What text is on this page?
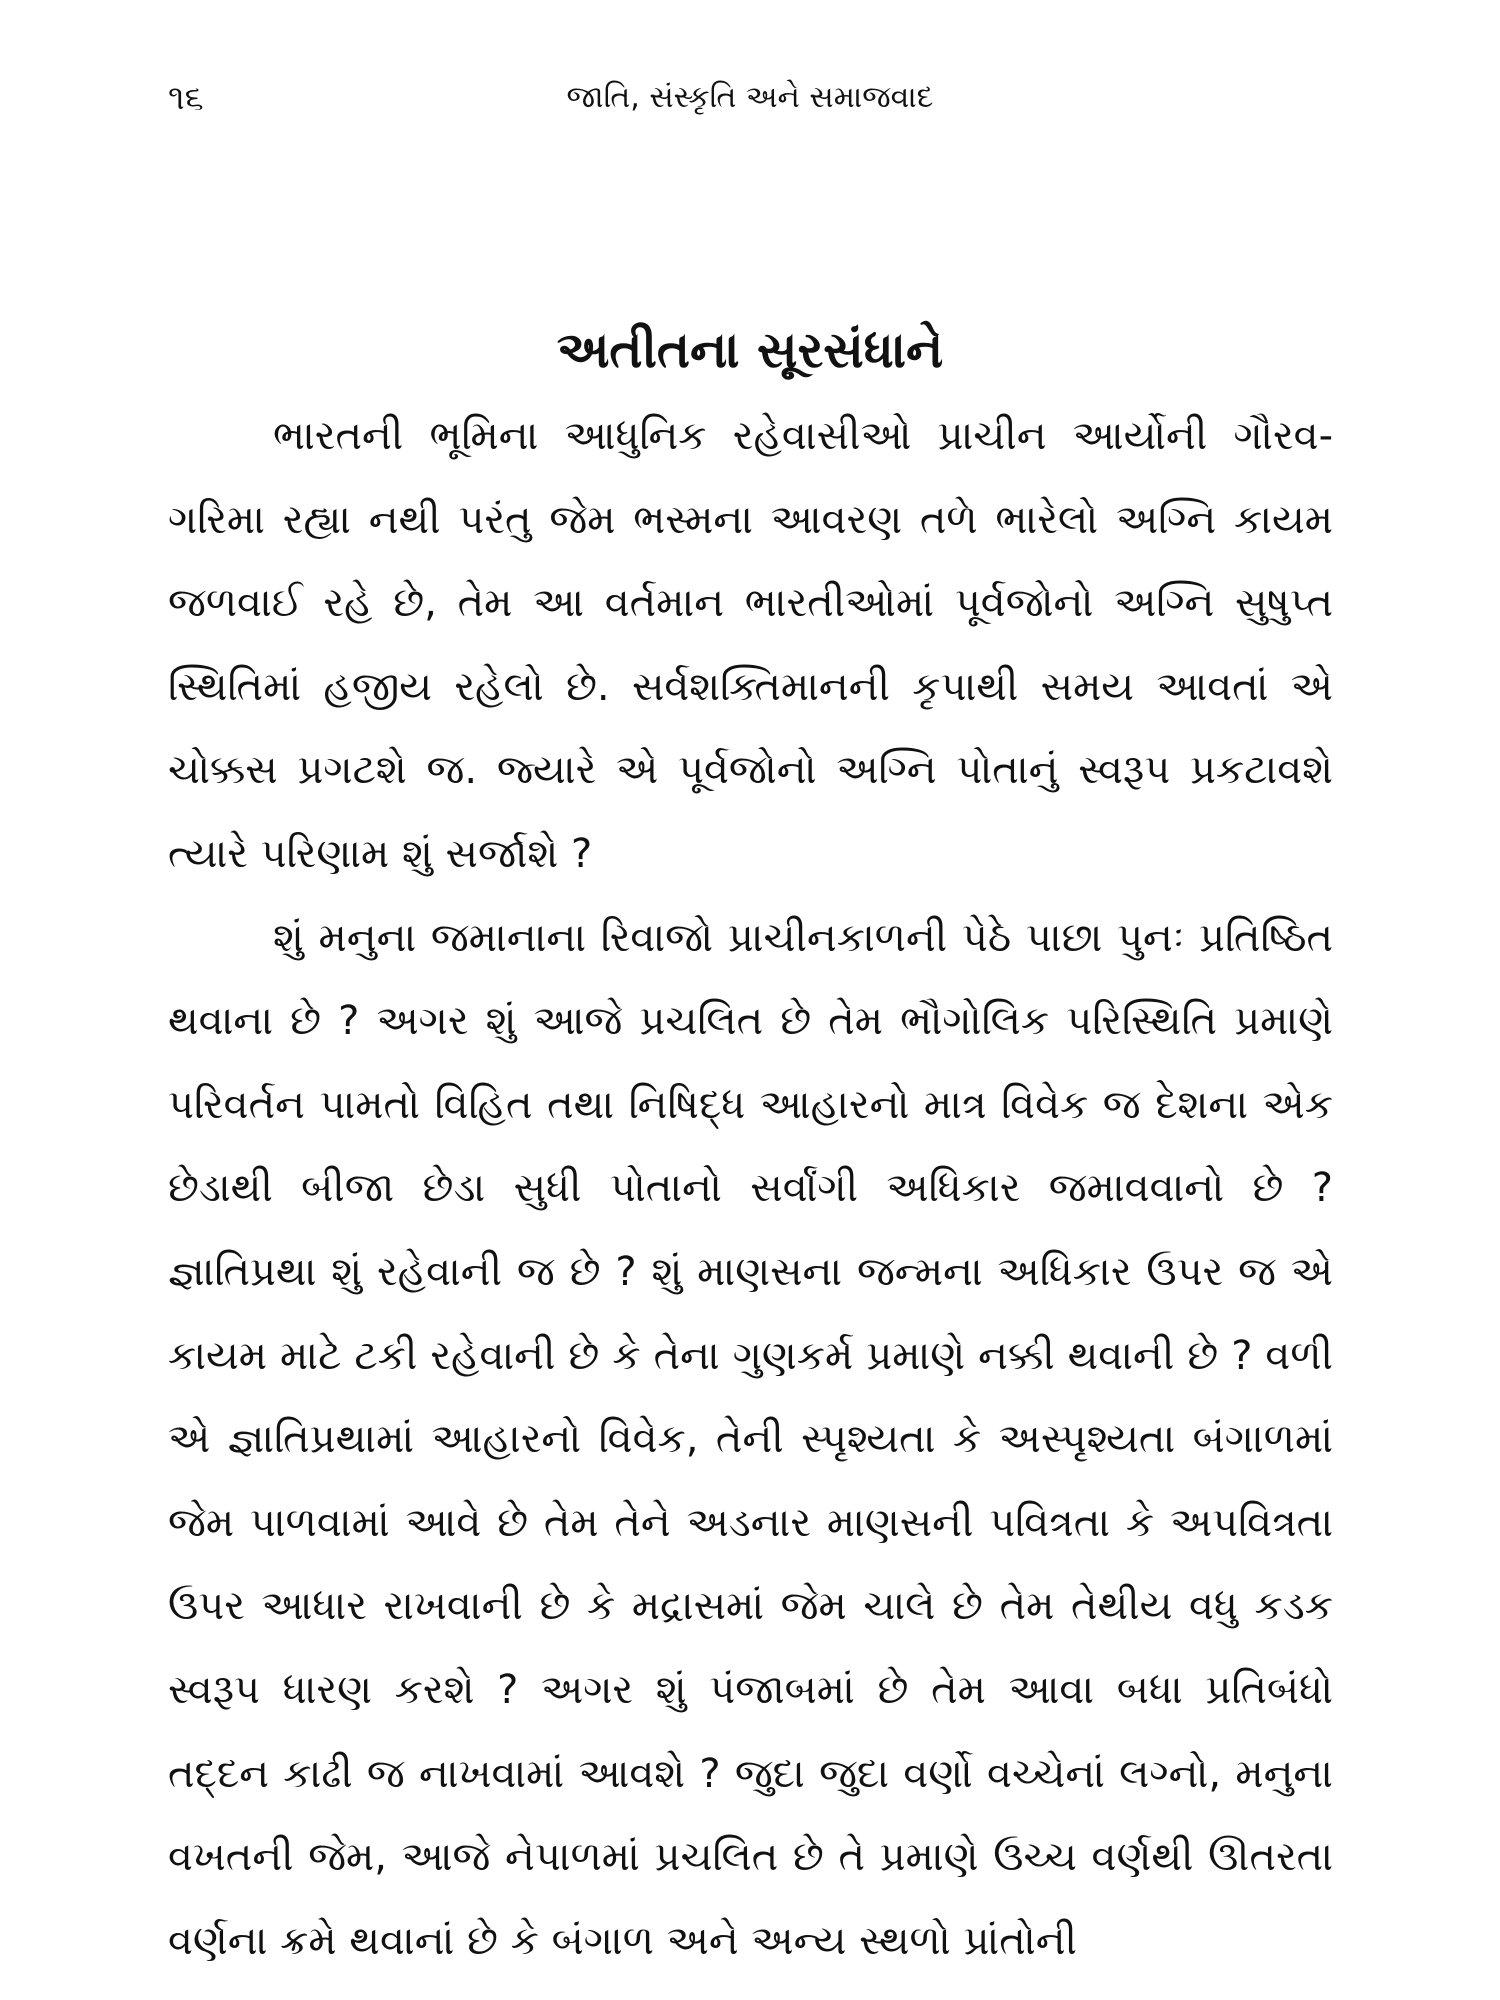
૧૬	જાતિ, સંસ્કૃતિ અને સમાજવાદ
અતીતના સૂરસંધાને

ભારતની ભૂમિના આધુનિક રહેવાસીઓ પ્રાચીન આર્યોની ગૌરવ-ગરિમા રહ્યા નથી પરંતુ જેમ ભસ્મના આવરણ તળે ભારેલો અગ્નિ કાયમ જળવાઈ રહે છે, તેમ આ વર્તમાન ભારતીઓમાં પૂર્વજોનો અગ્નિ સુષુપ્ત સ્થિતિમાં હજીય રહેલો છે. સર્વશક્તિમાનની કૃપાથી સમય આવતાં એ ચોક્કસ પ્રગટશે જ. જ્યારે એ પૂર્વજોનો અગ્નિ પોતાનું સ્વરૂપ પ્રકટાવશે ત્યારે પરિણામ શું સર્જાશે ?

શું મનુના જમાનાના રિવાજો પ્રાચીનકાળની પેઠે પાછા પુનઃ પ્રતિષ્ઠિત થવાના છે ? અગર શું આજે પ્રચલિત છે તેમ ભૌગોલિક પરિસ્થિતિ પ્રમાણે પરિવર્તન પામતો વિહિત તથા નિષિદ્ધ આહારનો માત્ર વિવેક જ દેશના એક છેડાથી બીજા છેડા સુધી પોતાનો સર્વાંગી અધિકાર જમાવવાનો છે ? જ્ઞાતિપ્રથા શું રહેવાની જ છે ? શું માણસના જન્મના અધિકાર ઉપર જ એ કાયમ માટે ટકી રહેવાની છે કે તેના ગુણકર્મ પ્રમાણે નક્કી થવાની છે ? વળી એ જ્ઞાતિપ્રથામાં આહારનો વિવેક, તેની સ્પૃશ્યતા કે અસ્પૃશ્યતા બંગાળમાં જેમ પાળવામાં આવે છે તેમ તેને અડનાર માણસની પવિત્રતા કે અપવિત્રતા ઉપર આધાર રાખવાની છે કે મદ્રાસમાં જેમ ચાલે છે તેમ તેથીય વધુ કડક સ્વરૂપ ધારણ કરશે ? અગર શું પંજાબમાં છે તેમ આવા બધા પ્રતિબંધો તદ્દન કાઢી જ નાખવામાં આવશે ? જુદા જુદા વર્ણો વચ્ચેનાં લગ્નો, મનુના વખતની જેમ, આજે નેપાળમાં પ્રચલિત છે તે પ્રમાણે ઉચ્ચ વર્ણથી ઊતરતા વર્ણના ક્રમે થવાનાં છે કે બંગાળ અને અન્ય સ્થળો પ્રાંતોની
